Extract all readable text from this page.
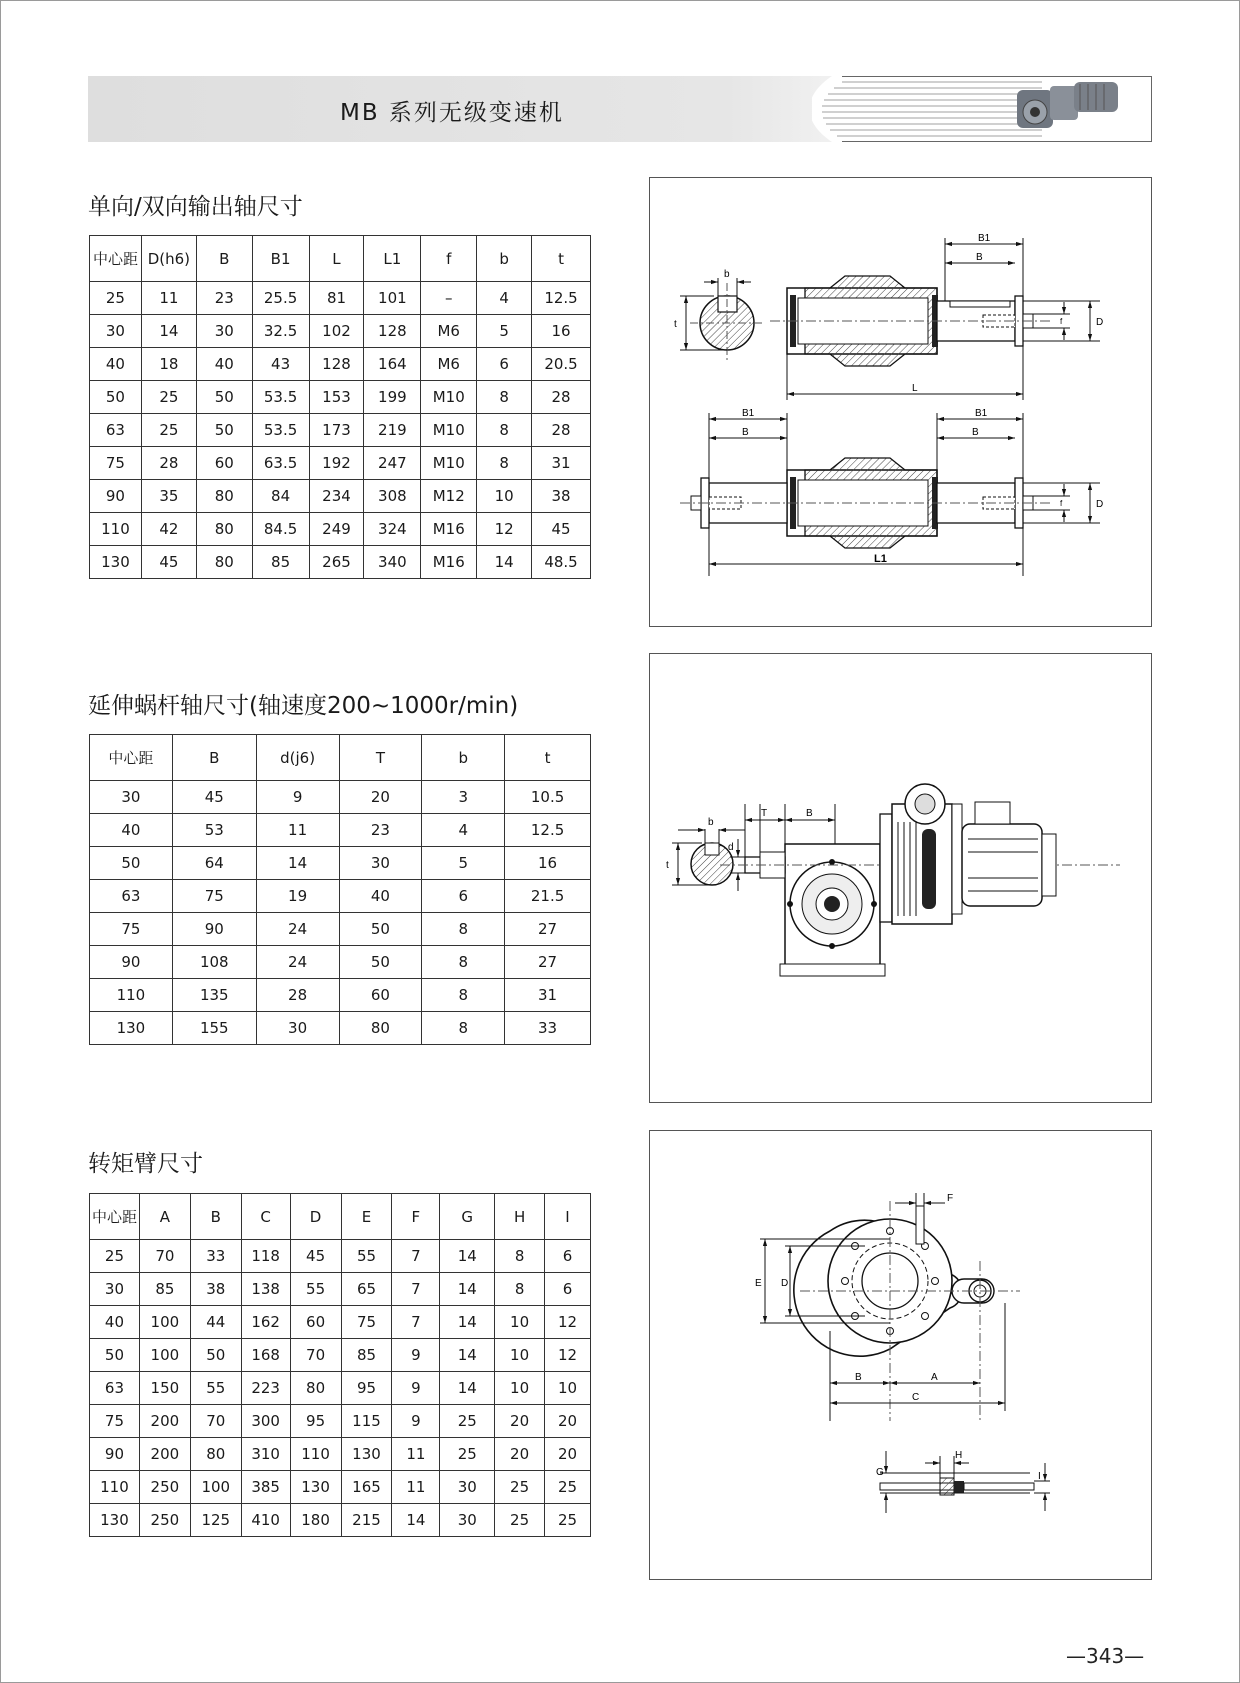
MB 系列无级变速机
单向/双向输出轴尺寸
中心距	D(h6)	B	B1	L	L1	f	b	t
25	11	23	25.5	81	101	–	4	12.5
30	14	30	32.5	102	128	M6	5	16
40	18	40	43	128	164	M6	6	20.5
50	25	50	53.5	153	199	M10	8	28
63	25	50	53.5	173	219	M10	8	28
75	28	60	63.5	192	247	M10	8	31
90	35	80	84	234	308	M12	10	38
110	42	80	84.5	249	324	M16	12	45
130	45	80	85	265	340	M16	14	48.5
b
t
B1
B
L
f	D
B1
B
B1
B
L1
f	D
延伸蜗杆轴尺寸(轴速度200~1000r/min)
中心距	B	d(j6)	T	b	t
30	45	9	20	3	10.5
40	53	11	23	4	12.5
50	64	14	30	5	16
63	75	19	40	6	21.5
75	90	24	50	8	27
90	108	24	50	8	27
110	135	28	60	8	31
130	155	30	80	8	33
b
t
T	B
d
转矩臂尺寸
中心距	A	B	C	D	E	F	G	H	I
25	70	33	118	45	55	7	14	8	6
30	85	38	138	55	65	7	14	8	6
40	100	44	162	60	75	7	14	10	12
50	100	50	168	70	85	9	14	10	12
63	150	55	223	80	95	9	14	10	10
75	200	70	300	95	115	9	25	20	20
90	200	80	310	110	130	11	25	20	20
110	250	100	385	130	165	11	30	25	25
130	250	125	410	180	215	14	30	25	25
F
E D
B	A
C
G
H
I
—343—
